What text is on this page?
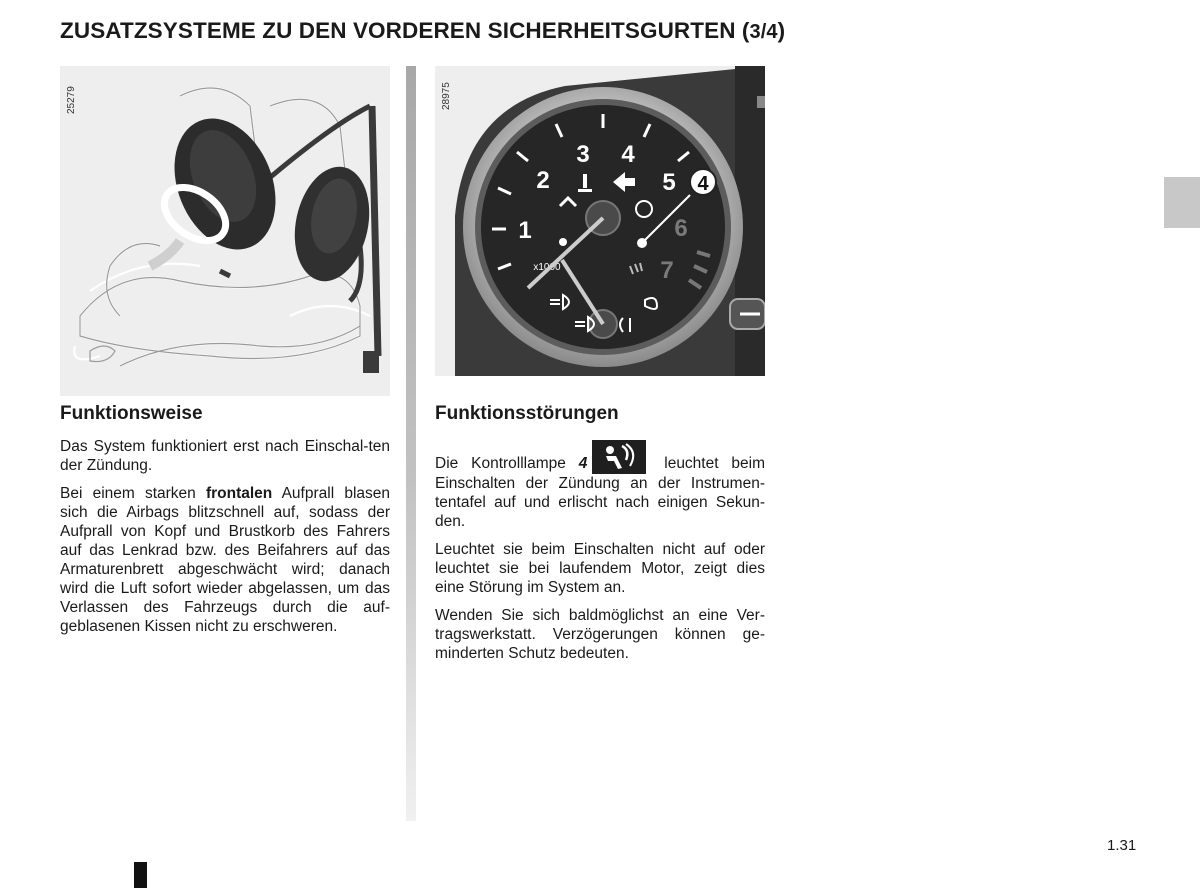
ZUSATZSYSTEME ZU DEN VORDEREN SICHERHEITSGURTEN (3/4)
25279	28975
1
2
3 4
5
6
7
x1000
4
Funktionsweise

Das System funktioniert erst nach Einschal-ten der Zündung.

Bei einem starken frontalen Aufprall blasen sich die Airbags blitzschnell auf, sodass der Aufprall von Kopf und Brustkorb des Fahrers auf das Lenkrad bzw. des Beifahrers auf das Armaturenbrett abgeschwächt wird; danach wird die Luft sofort wieder abgelassen, um das Verlassen des Fahrzeugs durch die auf-geblasenen Kissen nicht zu erschweren.

Funktionsstörungen

Die Kontrolllampe 4	leuchtet beim Einschalten der Zündung an der Instrumen-tentafel auf und erlischt nach einigen Sekun-den.

Leuchtet sie beim Einschalten nicht auf oder leuchtet sie bei laufendem Motor, zeigt dies eine Störung im System an.

Wenden Sie sich baldmöglichst an eine Ver-tragswerkstatt. Verzögerungen können ge-minderten Schutz bedeuten.

1.31
